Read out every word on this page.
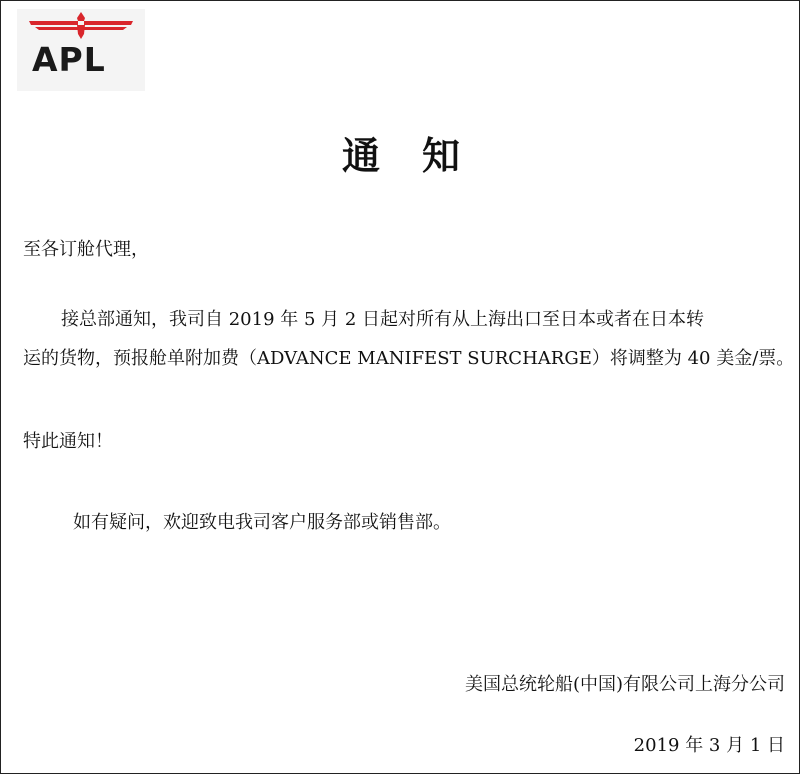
APL
通知
至各订舱代理，
接总部通知，我司自 2019 年 5 月 2 日起对所有从上海出口至日本或者在日本转
运的货物，预报舱单附加费（ADVANCE MANIFEST SURCHARGE）将调整为 40 美金/票。
特此通知！
如有疑问，欢迎致电我司客户服务部或销售部。
美国总统轮船(中国)有限公司上海分公司
2019 年 3 月 1 日
